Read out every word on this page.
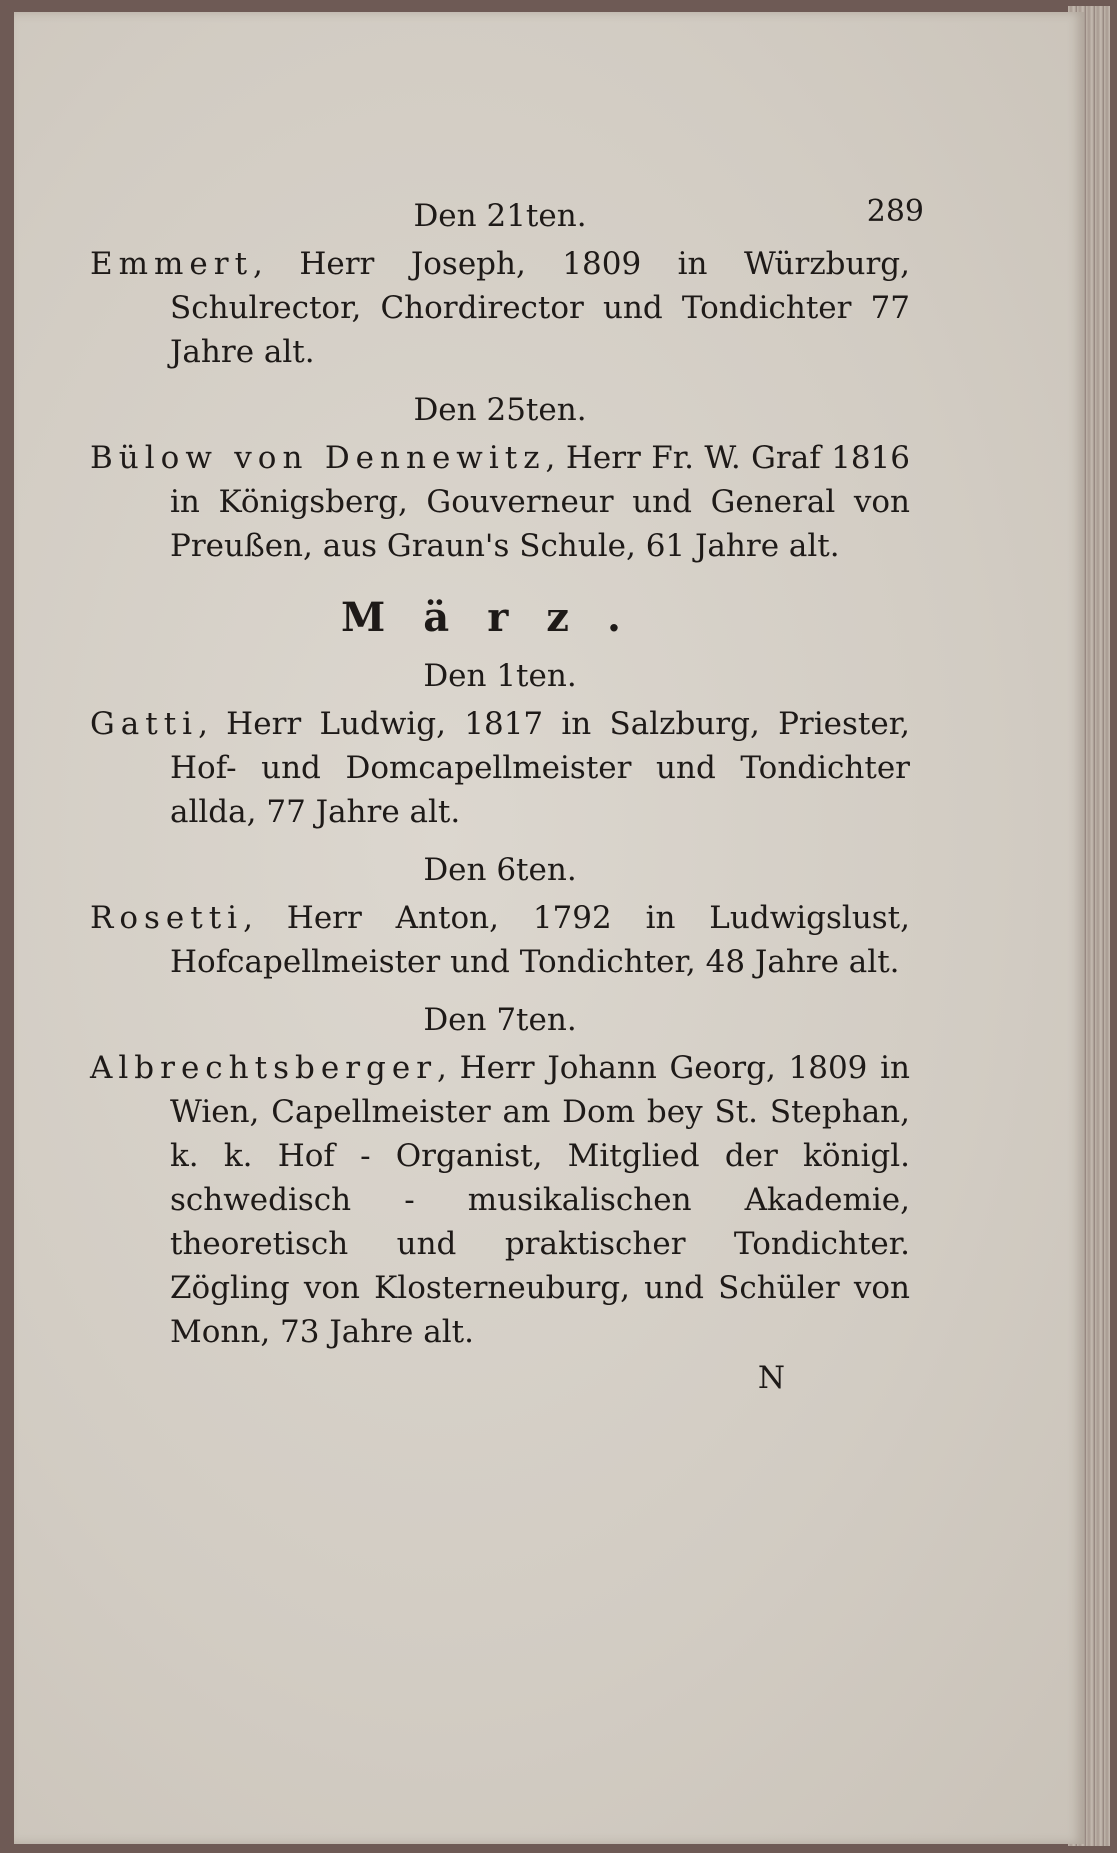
289
Den 21ten.

Emmert, Herr Joseph, 1809 in Würzburg, Schulrector, Chordirector und Tondichter 77 Jahre alt.

Den 25ten.

Bülow von Dennewitz, Herr Fr. W. Graf 1816 in Königsberg, Gouverneur und General von Preußen, aus Graun's Schule, 61 Jahre alt.

März.
Den 1ten.

Gatti, Herr Ludwig, 1817 in Salzburg, Priester, Hof- und Domcapellmeister und Tondichter allda, 77 Jahre alt.

Den 6ten.

Rosetti, Herr Anton, 1792 in Ludwigslust, Hofcapellmeister und Tondichter, 48 Jahre alt.

Den 7ten.

Albrechtsberger, Herr Johann Georg, 1809 in Wien, Capellmeister am Dom bey St. Stephan, k. k. Hof - Organist, Mitglied der königl. schwedisch - musikalischen Akademie, theoretisch und praktischer Tondichter. Zögling von Klosterneuburg, und Schüler von Monn, 73 Jahre alt.

N
